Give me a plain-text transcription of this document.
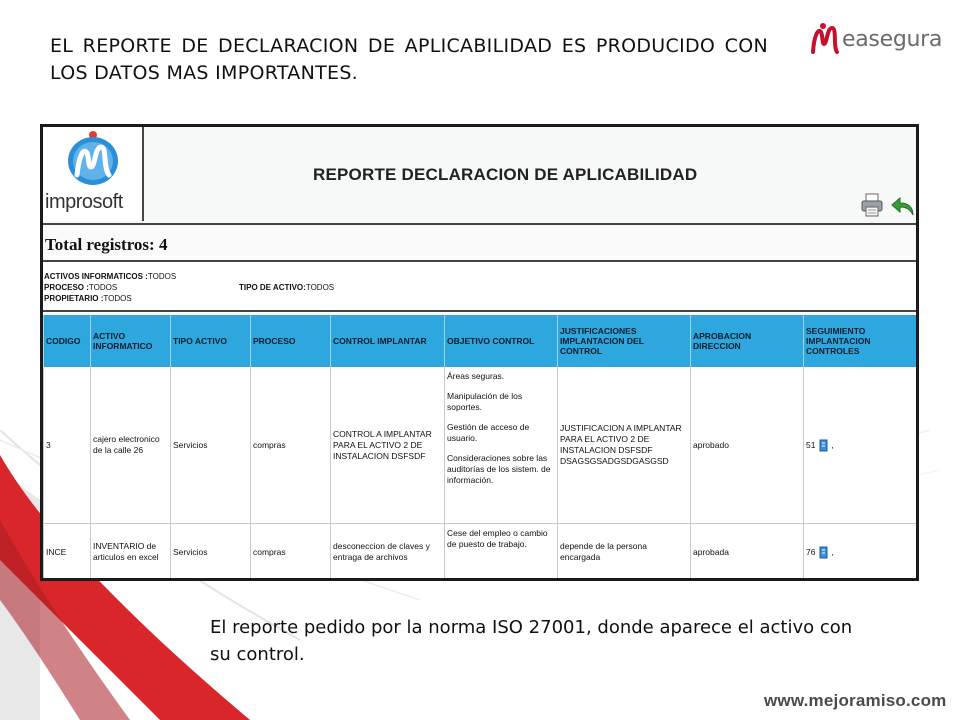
EL REPORTE DE DECLARACION DE APLICABILIDAD ES PRODUCIDO CON LOS DATOS MAS IMPORTANTES.
easegura
improsoft
REPORTE DECLARACION DE APLICABILIDAD
Total registros: 4
ACTIVOS INFORMATICOS :TODOS
PROCESO :TODOS
PROPIETARIO :TODOS
TIPO DE ACTIVO:TODOS
CODIGO	ACTIVO INFORMATICO	TIPO ACTIVO	PROCESO	CONTROL IMPLANTAR	OBJETIVO CONTROL	JUSTIFICACIONES IMPLANTACION DEL CONTROL	APROBACION DIRECCION	SEGUIMIENTO IMPLANTACION CONTROLES
3	cajero electronico de la calle 26	Servicios	compras	CONTROL A IMPLANTAR PARA EL ACTIVO 2 DE INSTALACION DSFSDF	Áreas seguras.
Manipulación de los soportes.
Gestión de acceso de usuario.
Consideraciones sobre las auditorías de los sistem. de información.	JUSTIFICACION A IMPLANTAR PARA EL ACTIVO 2 DE INSTALACION DSFSDF DSAGSGSADGSDGASGSD	aprobado	51 ,
INCE	INVENTARIO de articulos en excel	Servicios	compras	desconeccion de claves y entraga de archivos	Cese del empleo o cambio de puesto de trabajo.	depende de la persona encargada	aprobada	76 ,
El reporte pedido por la norma ISO 27001, donde aparece el activo con su control.
www.mejoramiso.com
